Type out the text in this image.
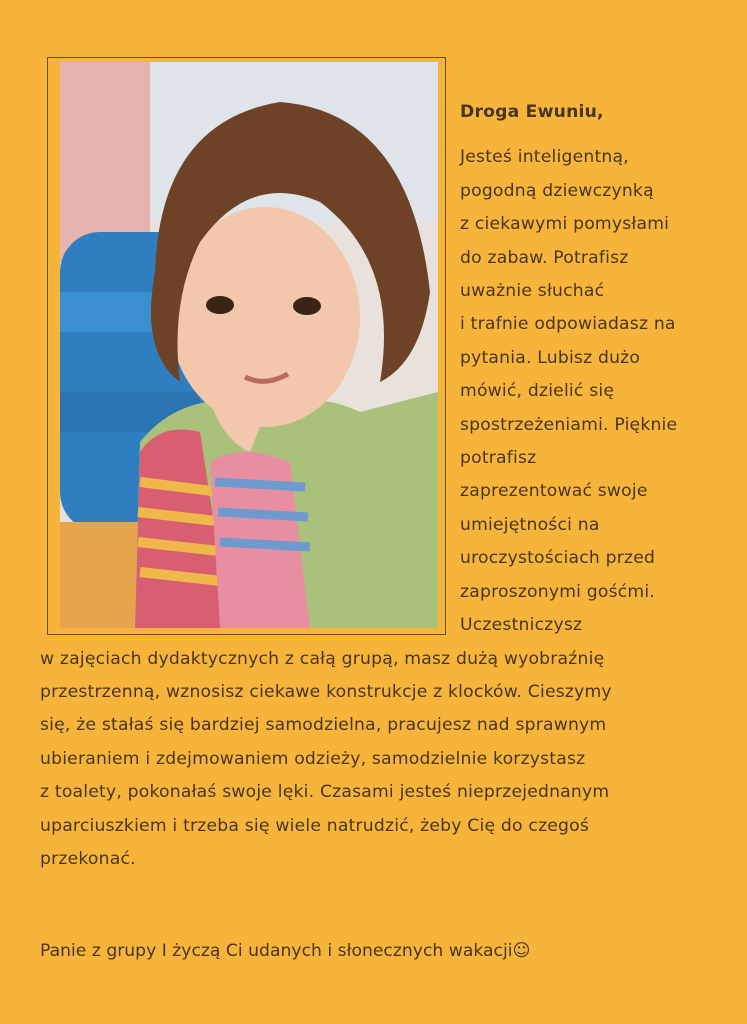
Droga Ewuniu,
Jesteś inteligentną,
pogodną dziewczynką
z ciekawymi pomysłami
do zabaw. Potrafisz
uważnie słuchać
i trafnie odpowiadasz na
pytania. Lubisz dużo
mówić, dzielić się
spostrzeżeniami. Pięknie
potrafisz
zaprezentować swoje
umiejętności na
uroczystościach przed
zaproszonymi gośćmi.
Uczestniczysz
w zajęciach dydaktycznych z całą grupą, masz dużą wyobraźnię
przestrzenną, wznosisz ciekawe konstrukcje z klocków. Cieszymy
się, że stałaś się bardziej samodzielna, pracujesz nad sprawnym
ubieraniem i zdejmowaniem odzieży, samodzielnie korzystasz
z toalety, pokonałaś swoje lęki. Czasami jesteś nieprzejednanym
uparciuszkiem i trzeba się wiele natrudzić, żeby Cię do czegoś
przekonać.
Panie z grupy I życzą Ci udanych i słonecznych wakacji☺
